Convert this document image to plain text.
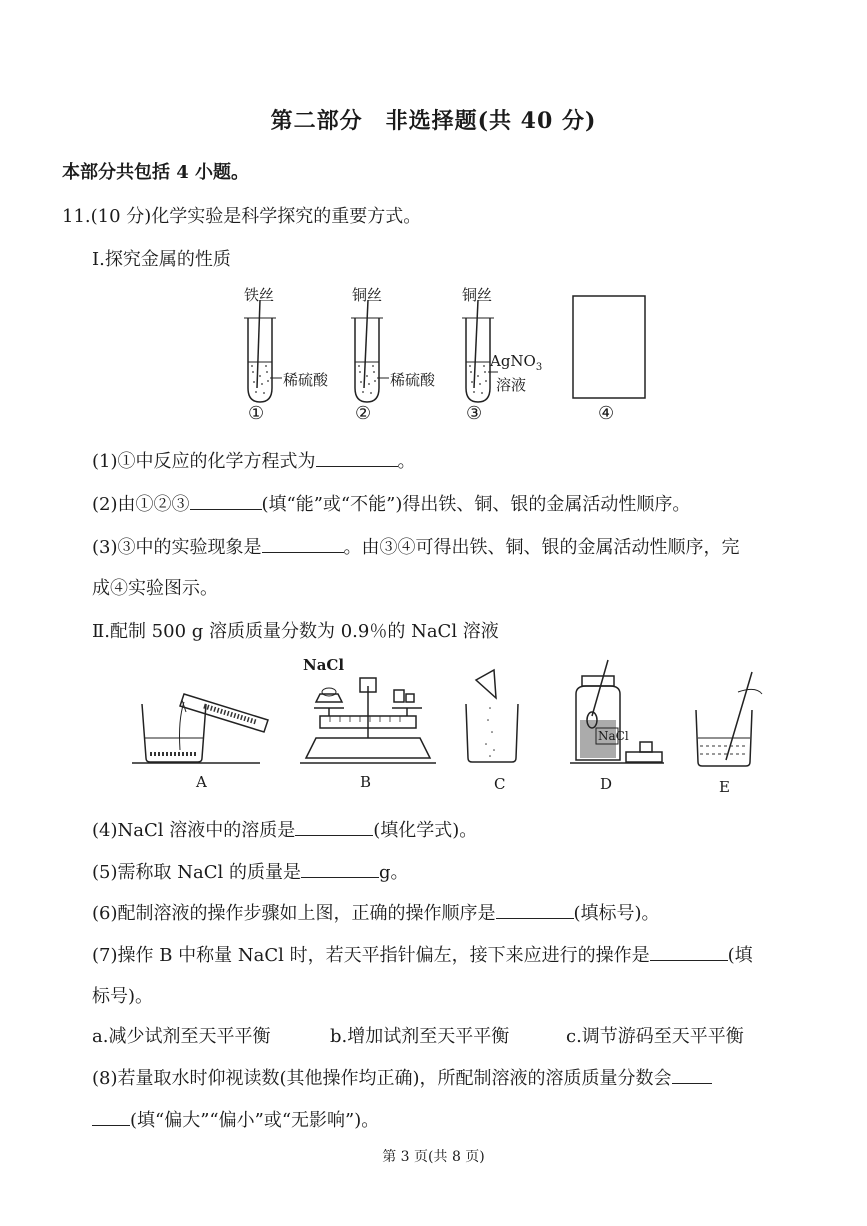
第二部分　非选择题(共 40 分)
本部分共包括 4 小题。
11.(10 分)化学实验是科学探究的重要方式。
Ⅰ.探究金属的性质
铁丝	铜丝	铜丝
稀硫酸	稀硫酸
AgNO$_3$
溶液
①	②	③	④
(1)①中反应的化学方程式为	。
(2)由①②③	(填“能”或“不能”)得出铁、铜、银的金属活动性顺序。
(3)③中的实验现象是	。由③④可得出铁、铜、银的金属活动性顺序，完
成④实验图示。
Ⅱ.配制 500 g 溶质质量分数为 0.9％的 NaCl 溶液
NaCl
NaCl
A	B	C	D	E
(4)NaCl 溶液中的溶质是	(填化学式)。
(5)需称取 NaCl 的质量是	g。
(6)配制溶液的操作步骤如上图，正确的操作顺序是	(填标号)。
(7)操作 B 中称量 NaCl 时，若天平指针偏左，接下来应进行的操作是	(填
标号)。
a.减少试剂至天平平衡	b.增加试剂至天平平衡	c.调节游码至天平平衡
(8)若量取水时仰视读数(其他操作均正确)，所配制溶液的溶质质量分数会
(填“偏大”“偏小”或“无影响”)。
第 3 页(共 8 页)
